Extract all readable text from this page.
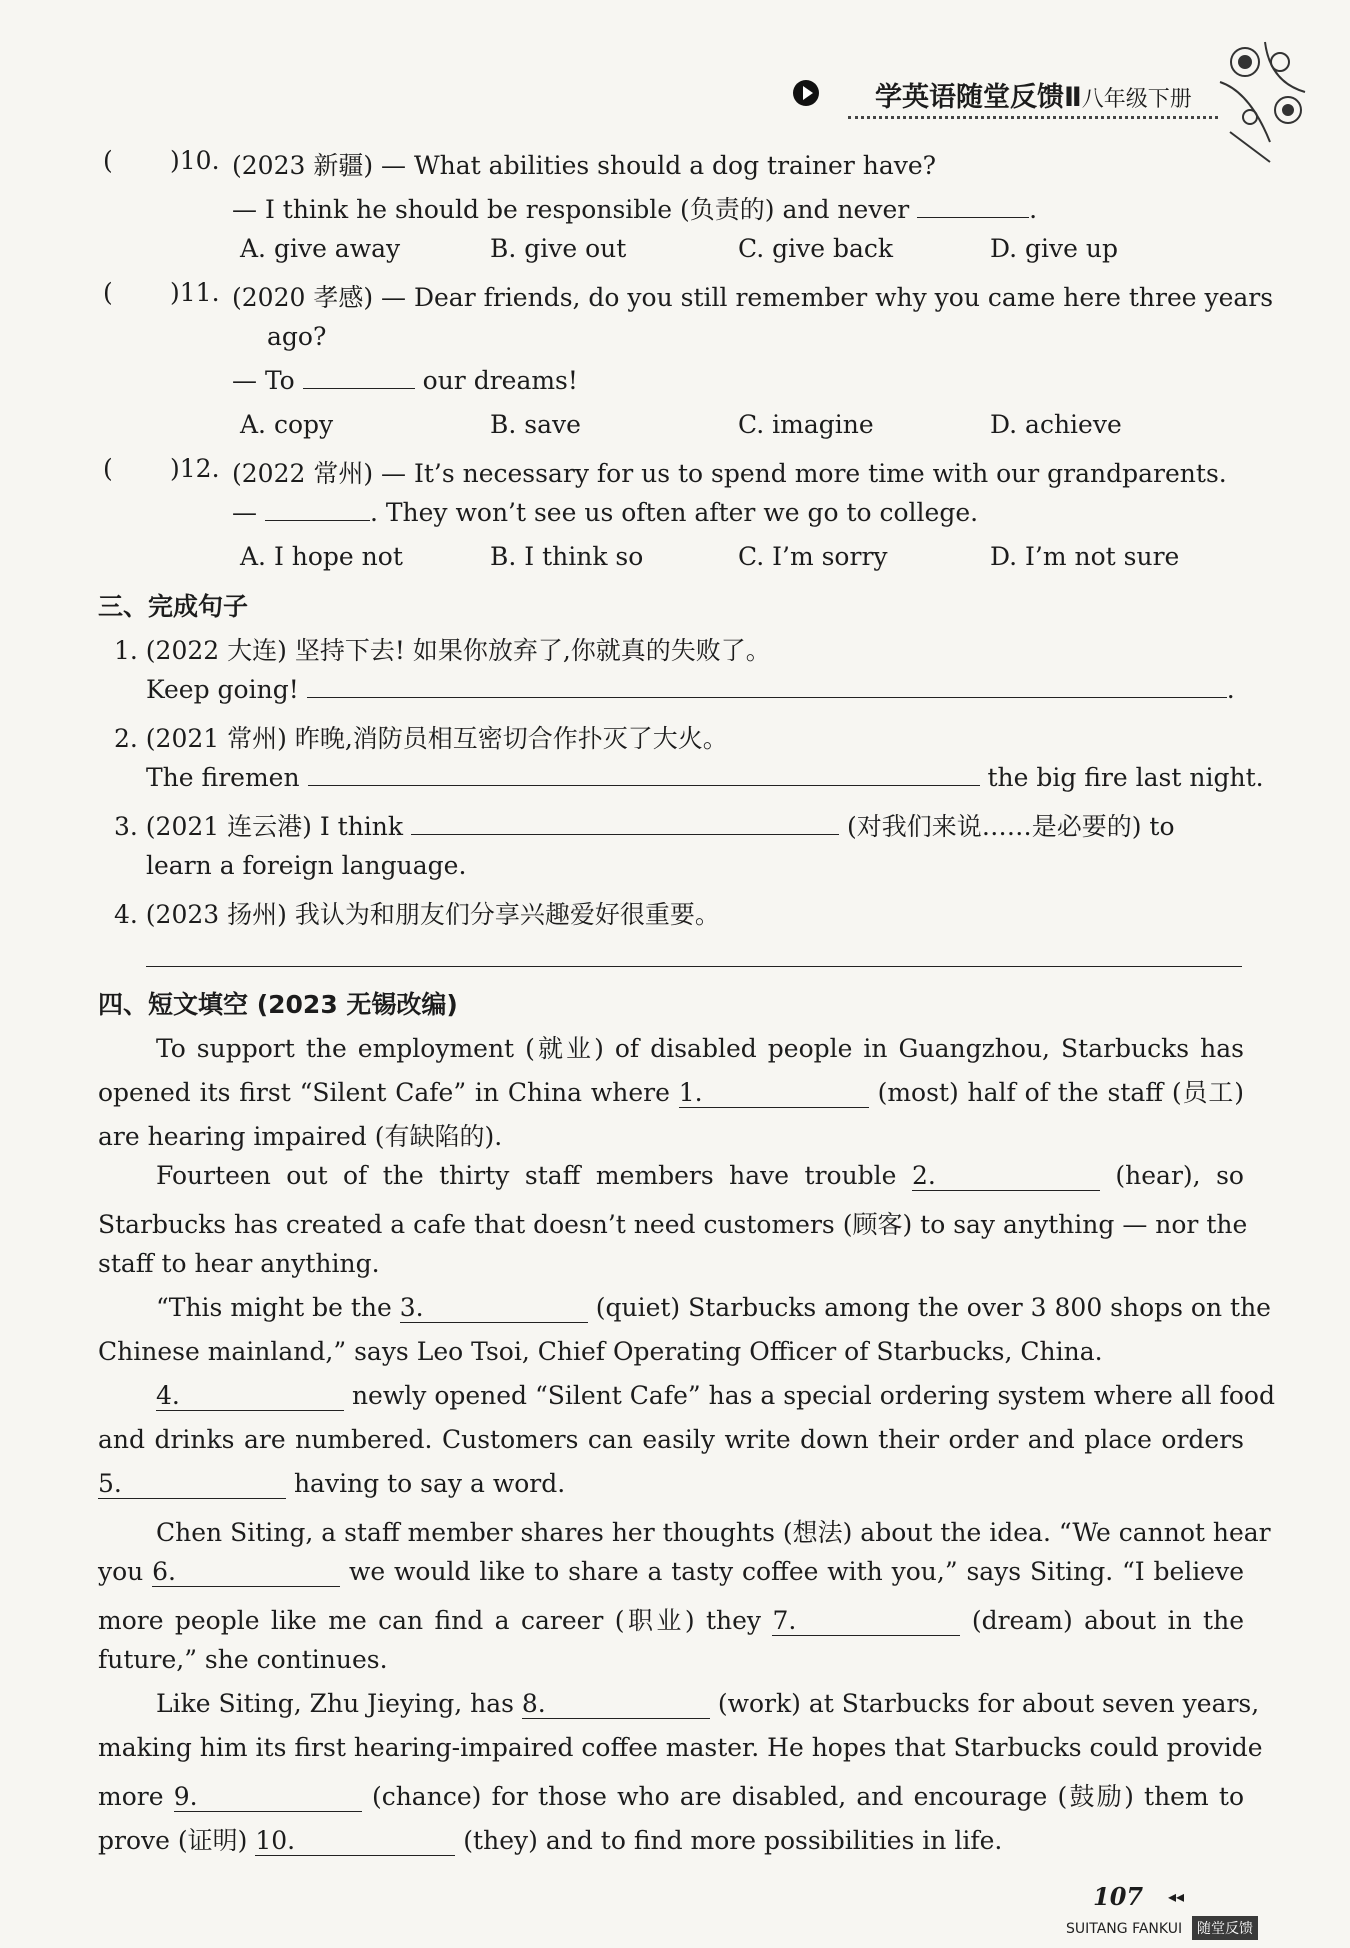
学英语随堂反馈Ⅱ八年级下册
( )10. (2023 新疆) — What abilities should a dog trainer have?
— I think he should be responsible (负责的) and never	.
A. give away	B. give out	C. give back	D. give up
( )11. (2020 孝感) — Dear friends, do you still remember why you came here three years
ago?
— To	our dreams!
A. copy	B. save	C. imagine	D. achieve
( )12. (2022 常州) — It’s necessary for us to spend more time with our grandparents.
—	. They won’t see us often after we go to college.
A. I hope not	B. I think so	C. I’m sorry	D. I’m not sure
三、完成句子
1. (2022 大连) 坚持下去! 如果你放弃了,你就真的失败了。
Keep going!	.
2. (2021 常州) 昨晚,消防员相互密切合作扑灭了大火。
The firemen	the big fire last night.
3. (2021 连云港) I think	(对我们来说……是必要的) to
learn a foreign language.
4. (2023 扬州) 我认为和朋友们分享兴趣爱好很重要。
四、短文填空 (2023 无锡改编)
To support the employment (就业) of disabled people in Guangzhou, Starbucks has
opened its first “Silent Cafe” in China where 1.	(most) half of the staff (员工)
are hearing impaired (有缺陷的).
Fourteen out of the thirty staff members have trouble 2.	(hear), so
Starbucks has created a cafe that doesn’t need customers (顾客) to say anything — nor the
staff to hear anything.
“This might be the 3.	(quiet) Starbucks among the over 3 800 shops on the
Chinese mainland,” says Leo Tsoi, Chief Operating Officer of Starbucks, China.
4.	newly opened “Silent Cafe” has a special ordering system where all food
and drinks are numbered. Customers can easily write down their order and place orders
5.	having to say a word.
Chen Siting, a staff member shares her thoughts (想法) about the idea. “We cannot hear
you 6.	we would like to share a tasty coffee with you,” says Siting. “I believe
more people like me can find a career (职业) they 7.	(dream) about in the
future,” she continues.
Like Siting, Zhu Jieying, has 8.	(work) at Starbucks for about seven years,
making him its first hearing-impaired coffee master. He hopes that Starbucks could provide
more 9.	(chance) for those who are disabled, and encourage (鼓励) them to
prove (证明) 10.	(they) and to find more possibilities in life.
107 ◂◂
SUITANG FANKUI	随堂反馈
